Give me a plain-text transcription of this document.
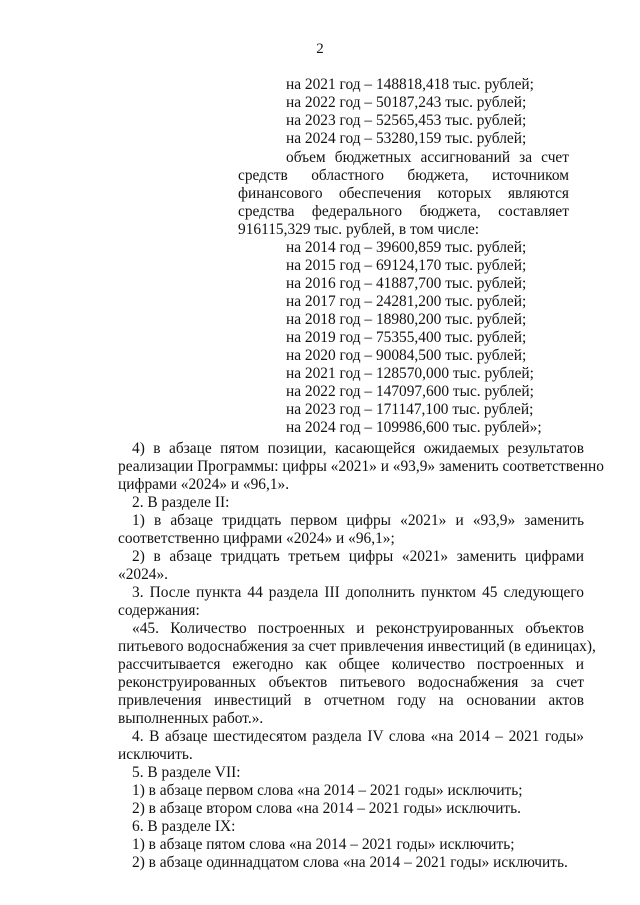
2
на 2021 год – 148818,418 тыс. рублей;
на 2022 год – 50187,243 тыс. рублей;
на 2023 год – 52565,453 тыс. рублей;
на 2024 год – 53280,159 тыс. рублей;
объем бюджетных ассигнований за счет
средств областного бюджета, источником
финансового обеспечения которых являются
средства федерального бюджета, составляет
916115,329 тыс. рублей, в том числе:
на 2014 год – 39600,859 тыс. рублей;
на 2015 год – 69124,170 тыс. рублей;
на 2016 год – 41887,700 тыс. рублей;
на 2017 год – 24281,200 тыс. рублей;
на 2018 год – 18980,200 тыс. рублей;
на 2019 год – 75355,400 тыс. рублей;
на 2020 год – 90084,500 тыс. рублей;
на 2021 год – 128570,000 тыс. рублей;
на 2022 год – 147097,600 тыс. рублей;
на 2023 год – 171147,100 тыс. рублей;
на 2024 год – 109986,600 тыс. рублей»;
4) в абзаце пятом позиции, касающейся ожидаемых результатов
реализации Программы: цифры «2021» и «93,9» заменить соответственно
цифрами «2024» и «96,1».
2. В разделе II:
1) в абзаце тридцать первом цифры «2021» и «93,9» заменить
соответственно цифрами «2024» и «96,1»;
2) в абзаце тридцать третьем цифры «2021» заменить цифрами
«2024».
3. После пункта 44 раздела III дополнить пунктом 45 следующего
содержания:
«45. Количество построенных и реконструированных объектов
питьевого водоснабжения за счет привлечения инвестиций (в единицах),
рассчитывается ежегодно как общее количество построенных и
реконструированных объектов питьевого водоснабжения за счет
привлечения инвестиций в отчетном году на основании актов
выполненных работ.».
4. В абзаце шестидесятом раздела IV слова «на 2014 – 2021 годы»
исключить.
5. В разделе VII:
1) в абзаце первом слова «на 2014 – 2021 годы» исключить;
2) в абзаце втором слова «на 2014 – 2021 годы» исключить.
6. В разделе IX:
1) в абзаце пятом слова «на 2014 – 2021 годы» исключить;
2) в абзаце одиннадцатом слова «на 2014 – 2021 годы» исключить.
